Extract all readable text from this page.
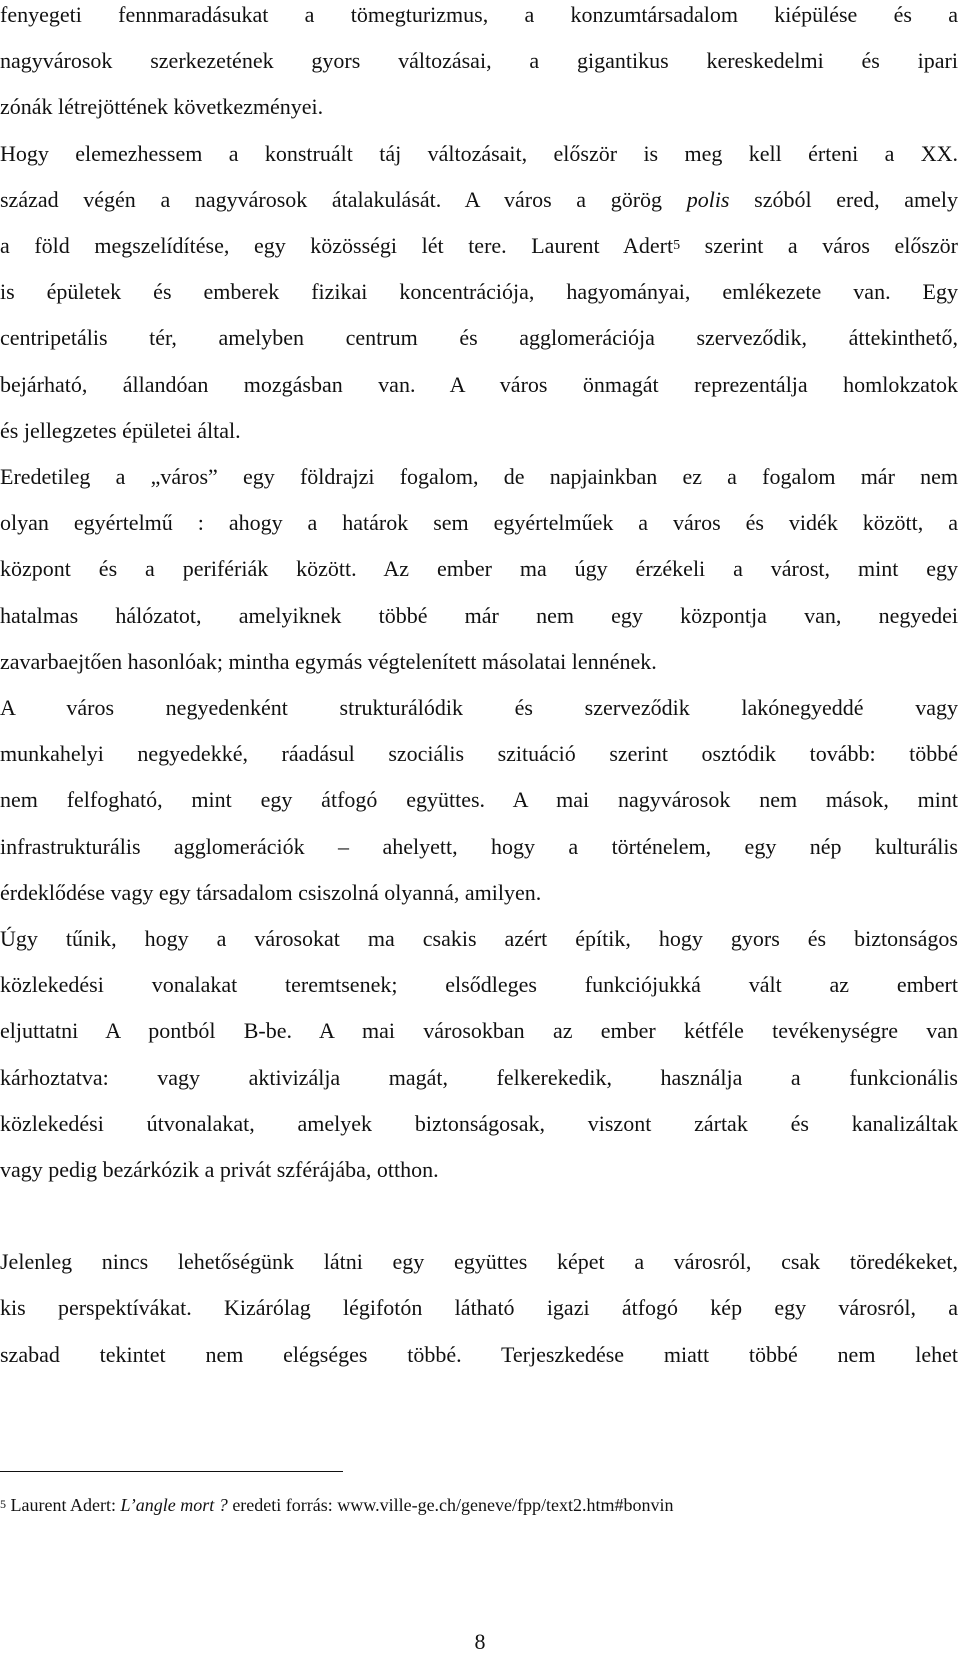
fenyegeti fennmaradásukat a tömegturizmus, a konzumtársadalom kiépülése és a
nagyvárosok szerkezetének gyors változásai, a gigantikus kereskedelmi és ipari
zónák létrejöttének következményei.
Hogy elemezhessem a konstruált táj változásait, először is meg kell érteni a XX.
század végén a nagyvárosok átalakulását. A város a görög polis szóból ered, amely
a föld megszelídítése, egy közösségi lét tere. Laurent Adert$^5$ szerint a város először
is épületek és emberek fizikai koncentrációja, hagyományai, emlékezete van. Egy
centripetális tér, amelyben centrum és agglomerációja szerveződik, áttekinthető,
bejárható, állandóan mozgásban van. A város önmagát reprezentálja homlokzatok
és jellegzetes épületei által.
Eredetileg a „város” egy földrajzi fogalom, de napjainkban ez a fogalom már nem
olyan egyértelmű : ahogy a határok sem egyértelműek a város és vidék között, a
központ és a perifériák között. Az ember ma úgy érzékeli a várost, mint egy
hatalmas hálózatot, amelyiknek többé már nem egy központja van, negyedei
zavarbaejtően hasonlóak; mintha egymás végtelenített másolatai lennének.
A város negyedenként strukturálódik és szerveződik lakónegyeddé vagy
munkahelyi negyedekké, ráadásul szociális szituáció szerint osztódik tovább: többé
nem felfogható, mint egy átfogó együttes. A mai nagyvárosok nem mások, mint
infrastrukturális agglomerációk – ahelyett, hogy a történelem, egy nép kulturális
érdeklődése vagy egy társadalom csiszolná olyanná, amilyen.
Úgy tűnik, hogy a városokat ma csakis azért építik, hogy gyors és biztonságos
közlekedési vonalakat teremtsenek; elsődleges funkciójukká vált az embert
eljuttatni A pontból B-be. A mai városokban az ember kétféle tevékenységre van
kárhoztatva: vagy aktivizálja magát, felkerekedik, használja a funkcionális
közlekedési útvonalakat, amelyek biztonságosak, viszont zártak és kanalizáltak
vagy pedig bezárkózik a privát szférájába, otthon.
Jelenleg nincs lehetőségünk látni egy együttes képet a városról, csak töredékeket,
kis perspektívákat. Kizárólag légifotón látható igazi átfogó kép egy városról, a
szabad tekintet nem elégséges többé. Terjeszkedése miatt többé nem lehet
$^5$ Laurent Adert: L’angle mort ? eredeti forrás: www.ville-ge.ch/geneve/fpp/text2.htm#bonvin
8
